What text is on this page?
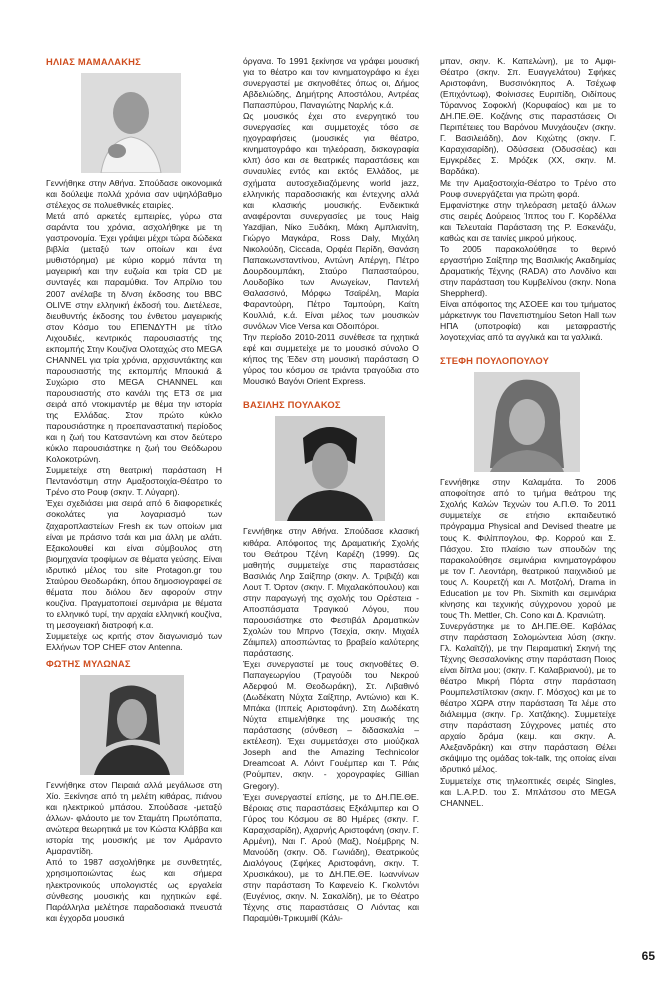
ΗΛΙΑΣ ΜΑΜΑΛΑΚΗΣ

Γεννήθηκε στην Αθήνα. Σπούδασε οικονομικά και δούλεψε πολλά χρόνια σαν υψηλόβαθμο στέλεχος σε πολυεθνικές εταιρίες.

Μετά από αρκετές εμπειρίες, γύρω στα σαράντα του χρόνια, ασχολήθηκε με τη γαστρονομία. Έχει γράψει μέχρι τώρα δώδεκα βιβλία (μεταξύ των οποίων και ένα μυθιστόρημα) με κύριο κορμό πάντα τη μαγειρική και την ευζωία και τρία CD με συνταγές και παραμύθια. Τον Απρίλιο του 2007 ανέλαβε τη δ/νση έκδοσης του BBC OLIVE στην ελληνική έκδοσή του. Διετέλεσε, διευθυντής έκδοσης του ένθετου μαγειρικής στον Κόσμο του ΕΠΕΝΔΥΤΗ με τίτλο Λιχουδιές, κεντρικός παρουσιαστής της εκπομπής Στην Κουζίνα Ολοταχώς στο MEGA CHANNEL για τρία χρόνια, αρχισυντάκτης και παρουσιαστής της εκπομπής Μπουκιά & Συχώριο στο MEGA CHANNEL και παρουσιαστής στο κανάλι της ΕΤ3 σε μια σειρά από ντοκιμαντέρ με θέμα την ιστορία της Ελλάδας. Στον πρώτο κύκλο παρουσιάστηκε η προεπαναστατική περίοδος και η ζωή του Κατσαντώνη και στον δεύτερο κύκλο παρουσιάστηκε η ζωή του Θεόδωρου Κολοκοτρώνη.

Συμμετείχε στη θεατρική παράσταση Η Πεντανόστιμη στην Αμαξοστοιχία-Θέατρο το Τρένο στο Ρουφ (σκην. Τ. Λύγαρη).

Έχει σχεδιάσει μια σειρά από 6 διαφορετικές σοκολάτες για λογαριασμό των ζαχαροπλαστείων Fresh εκ των οποίων μια είναι με πράσινο τσάι και μια άλλη με αλάτι. Εξακολουθεί και είναι σύμβουλος στη βιομηχανία τροφίμων σε θέματα γεύσης. Είναι ιδρυτικό μέλος του site Protagon.gr του Σταύρου Θεοδωράκη, όπου δημοσιογραφεί σε θέματα που διόλου δεν αφορούν στην κουζίνα. Πραγματοποιεί σεμινάρια με θέματα το ελληνικό τυρί, την αρχαία ελληνική κουζίνα, τη μεσογειακή διατροφή κ.α.

Συμμετείχε ως κριτής στον διαγωνισμό των Ελλήνων TOP CHEF στον Antenna.

ΦΩΤΗΣ ΜΥΛΩΝΑΣ

Γεννήθηκε στον Πειραιά αλλά μεγάλωσε στη Χίο. Ξεκίνησε από τη μελέτη κιθάρας, πιάνου και ηλεκτρικού μπάσου. Σπούδασε -μεταξύ άλλων- φλάουτο με τον Σταμάτη Πρωτόπαπα, ανώτερα θεωρητικά με τον Κώστα Κλάββα και ιστορία της μουσικής με τον Αμάραντο Αμαραντίδη.

Από το 1987 ασχολήθηκε με συνθετητές, χρησιμοποιώντας έως και σήμερα ηλεκτρονικούς υπολογιστές ως εργαλεία σύνθεσης μουσικής και ηχητικών εφέ. Παράλληλα μελέτησε παραδοσιακά πνευστά και έγχορδα μουσικά

όργανα. Το 1991 ξεκίνησε να γράφει μουσική για το θέατρο και τον κινηματογράφο κι έχει συνεργαστεί με σκηνοθέτες όπως οι, Δήμος Αβδελιώδης, Δημήτρης Αποστόλου, Αντρέας Παπασπύρου, Παναγιώτης Ναρλής κ.ά.

Ως μουσικός έχει στο ενεργητικό του συνεργασίες και συμμετοχές τόσο σε ηχογραφήσεις (μουσικές για θέατρο, κινηματογράφο και τηλεόραση, δισκογραφία κλπ) όσο και σε θεατρικές παραστάσεις και συναυλίες εντός και εκτός Ελλάδος, με σχήματα αυτοσχεδιαζόμενης world jazz, ελληνικής παραδοσιακής και έντεχνης αλλά και κλασικής μουσικής. Ενδεικτικά αναφέρονται συνεργασίες με τους Haig Yazdjian, Νίκο Ξυδάκη, Μάκη Αμπλιανίτη, Γιώργο Μαγκάρα, Ross Daly, Μιχάλη Νικολούδη, Ciccada, Ορφέα Περίδη, Θανάση Παπακωνσταντίνου, Αντώνη Απέργη, Πέτρο Δουρδουμπάκη, Σταύρο Παπασταύρου, Λουδοβίκο των Ανωγείων, Παντελή Θαλασσινό, Μόρφω Τσαϊρέλη, Μαρία Φαραντούρη, Πέτρο Ταμπούρη, Καίτη Κουλλιά, κ.ά. Είναι μέλος των μουσικών συνόλων Vice Versa και Οδοιπόροι.

Την περίοδο 2010-2011 συνέθεσε τα ηχητικά εφέ και συμμετείχε με το μουσικό σύνολο Ο κήπος της Έδεν στη μουσική παράσταση Ο γύρος του κόσμου σε τριάντα τραγούδια στο Μουσικό Βαγόνι Orient Express.

ΒΑΣΙΛΗΣ ΠΟΥΛΑΚΟΣ

Γεννήθηκε στην Αθήνα. Σπούδασε κλασική κιθάρα. Απόφοιτος της Δραματικής Σχολής του Θεάτρου Τζένη Καρέζη (1999). Ως μαθητής συμμετείχε στις παραστάσεις Βασιλιάς Ληρ Σαίξπηρ (σκην. Λ. Τριβιζά) και Λουτ Τ. Όρτον (σκην. Γ. Μιχαλακόπουλου) και στην παραγωγή της σχολής του Ορέστεια - Αποσπάσματα Τραγικού Λόγου, που παρουσιάστηκε στο Φεστιβάλ Δραματικών Σχολών του Μπρνο (Τσεχία, σκην. Μιχαέλ Ζάιμπελ) αποσπώντας το βραβείο καλύτερης παράστασης.

Έχει συνεργαστεί με τους σκηνοθέτες Θ. Παπαγεωργίου (Τραγούδι του Νεκρού Αδερφού Μ. Θεοδωράκη), Στ. Λιβαθινό (Δωδέκατη Νύχτα Σαίξπηρ, Αντώνιο) και Κ. Μπάκα (Ιππείς Αριστοφάνη). Στη Δωδέκατη Νύχτα επιμελήθηκε της μουσικής της παράστασης (σύνθεση – διδασκαλία – εκτέλεση). Έχει συμμετάσχει στο μιούζικαλ Joseph and the Amazing Technicolor Dreamcoat Α. Λόιντ Γουέμπερ και Τ. Ράις (Ρούμπεν, σκην. - χορογραφίες Gillian Gregory).

Έχει συνεργαστεί επίσης, με το ΔΗ.ΠΕ.ΘΕ. Βέροιας στις παραστάσεις Εξκάλιμπερ και Ο Γύρος του Κόσμου σε 80 Ημέρες (σκην. Γ. Καραχισαρίδη), Αχαρνής Αριστοφάνη (σκην. Γ. Αρμένη), Ναι Γ. Αρού (Μαξ), Νοέμβρης Ν. Μανούδη (σκην. Οδ. Γωνιάδη), Θεατρικούς Διαλόγους (Σφήκες Αριστοφάνη, σκην. Τ. Χρυσικάκου), με το ΔΗ.ΠΕ.ΘΕ. Ιωαννίνων στην παράσταση Το Καφενείο Κ. Γκολντόνι (Ευγένιος, σκην. Ν. Σακαλίδη), με το Θέατρο Τέχνης στις παραστάσεις Ο Λιόντας και Παραμύθι-Τρικυμιθί (Κάλι-

μπαν, σκην. Κ. Καπελώνη), με το Αμφι-Θέατρο (σκην. Σπ. Ευαγγελάτου) Σφήκες Αριστοφάνη, Βυσσινόκηπος Α. Τσέχωφ (Επιχόντωφ), Φοίνισσες Ευριπίδη, Οιδίπους Τύραννος Σοφοκλή (Κορυφαίος) και με το ΔΗ.ΠΕ.ΘΕ. Κοζάνης στις παραστάσεις Οι Περιπέτειες του Βαρόνου Μυνχάουζεν (σκην. Γ. Βασιλειάδη), Δον Κιχώτης (σκην. Γ. Καραχισαρίδη), Οδύσσεια (Οδυσσέας) και Εμγκρέδες Σ. Μρόζεκ (ΧΧ, σκην. Μ. Βαρδάκα).

Με την Αμαξοστοιχία-Θέατρο το Τρένο στο Ρουφ συνεργάζεται για πρώτη φορά.

Εμφανίστηκε στην τηλεόραση μεταξύ άλλων στις σειρές Δούρειος Ίππος του Γ. Κορδέλλα και Τελευταία Παράσταση της Ρ. Εσκενάζυ, καθώς και σε ταινίες μικρού μήκους.

Το 2005 παρακολούθησε το θερινό εργαστήριο Σαίξπηρ της Βασιλικής Ακαδημίας Δραματικής Τέχνης (RADA) στο Λονδίνο και στην παράσταση του Κυμβελίνου (σκην. Nona Sheppherd).

Είναι απόφοιτος της ΑΣΟΕΕ και του τμήματος μάρκετινγκ του Πανεπιστημίου Seton Hall των ΗΠΑ (υποτροφία) και μεταφραστής λογοτεχνίας από τα αγγλικά και τα γαλλικά.

ΣΤΕΦΗ ΠΟΥΛΟΠΟΥΛΟΥ

Γεννήθηκε στην Καλαμάτα. Το 2006 αποφοίτησε από το τμήμα θεάτρου της Σχολής Καλών Τεχνών του Α.Π.Θ. Το 2011 συμμετείχε σε ετήσιο εκπαιδευτικό πρόγραμμα Physical and Devised theatre με τους Κ. Φιλίππογλου, Φρ. Κορρού και Σ. Πάσχου. Στο πλαίσιο των σπουδών της παρακολούθησε σεμινάρια κινηματογράφου με τον Γ. Λεοντάρη, θεατρικού παιχνιδιού με τους Λ. Κουρετζή και Λ. Μοτζολή, Drama in Education με τον Ph. Sixmith και σεμινάρια κίνησης και τεχνικής σύγχρονου χορού με τους Th. Mettler, Ch. Cono και Δ. Κρανιώτη.

Συνεργάστηκε με το ΔΗ.ΠΕ.ΘΕ. Καβάλας στην παράσταση Σολομώντεια λύση (σκην. Γλ. Καλαϊτζή), με την Πειραματική Σκηνή της Τέχνης Θεσσαλονίκης στην παράσταση Ποιος είναι δίπλα μου; (σκην. Γ. Καλαβριανού), με το θέατρο Μικρή Πόρτα στην παράσταση Ρουμπελστίλτσκιν (σκην. Γ. Μόσχος) και με το θέατρο ΧΩΡΑ στην παράσταση Τα λέμε στο διάλειμμα (σκην. Γρ. Χατζάκης). Συμμετείχε στην παράσταση Σύγχρονες ματιές στο αρχαίο δράμα (κειμ. και σκην. Α. Αλεξανδράκη) και στην παράσταση Θέλει σκάψιμο της ομάδας tok-talk, της οποίας είναι ιδρυτικό μέλος.

Συμμετείχε στις τηλεοπτικές σειρές Singles, και L.A.P.D. του Σ. Μπλάτσου στο MEGA CHANNEL.

65
